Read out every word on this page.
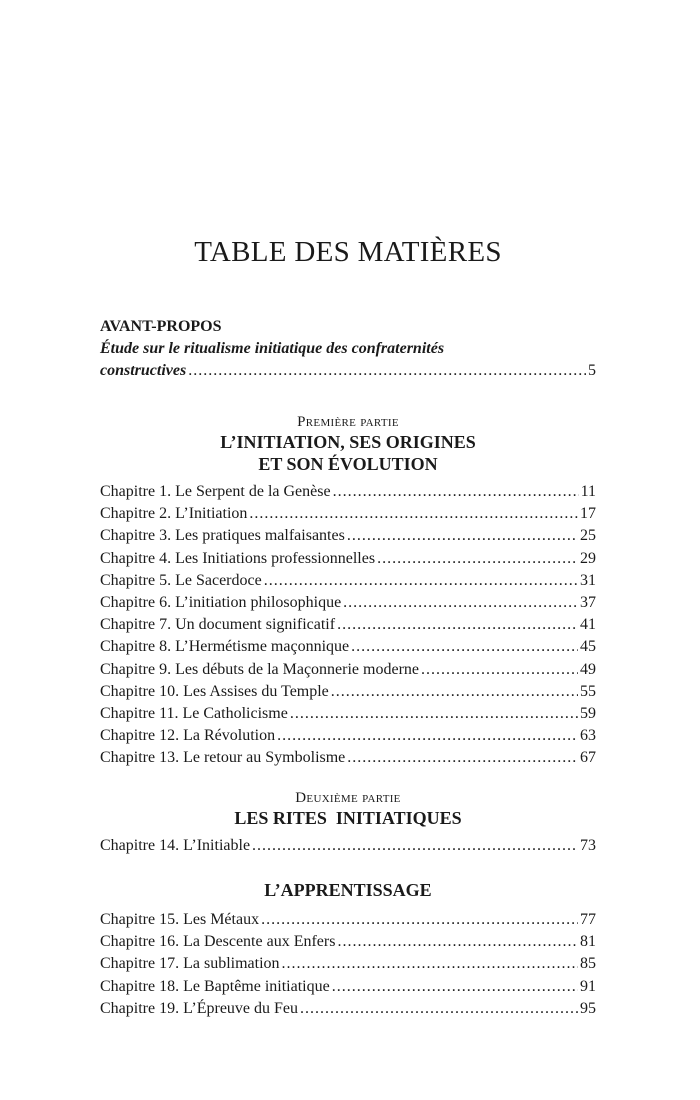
TABLE DES MATIÈRES
AVANT-PROPOS
Étude sur le ritualisme initiatique des confraternités
constructives .....	5

Première partie

L’INITIATION, SES ORIGINES

ET SON ÉVOLUTION

Chapitre 1. Le Serpent de la Genèse .....	11
Chapitre 2. L’Initiation .....	17
Chapitre 3. Les pratiques malfaisantes .....	25
Chapitre 4. Les Initiations professionnelles .....	29
Chapitre 5. Le Sacerdoce .....	31
Chapitre 6. L’initiation philosophique .....	37
Chapitre 7. Un document significatif .....	41
Chapitre 8. L’Hermétisme maçonnique .....	45
Chapitre 9. Les débuts de la Maçonnerie moderne .....	49
Chapitre 10. Les Assises du Temple .....	55
Chapitre 11. Le Catholicisme .....	59
Chapitre 12. La Révolution .....	63
Chapitre 13. Le retour au Symbolisme .....	67

Deuxième partie

LES RITES  INITIATIQUES

Chapitre 14. L’Initiable .....	73

L’APPRENTISSAGE

Chapitre 15. Les Métaux .....	77
Chapitre 16. La Descente aux Enfers .....	81
Chapitre 17. La sublimation .....	85
Chapitre 18. Le Baptême initiatique .....	91
Chapitre 19. L’Épreuve du Feu .....	95
